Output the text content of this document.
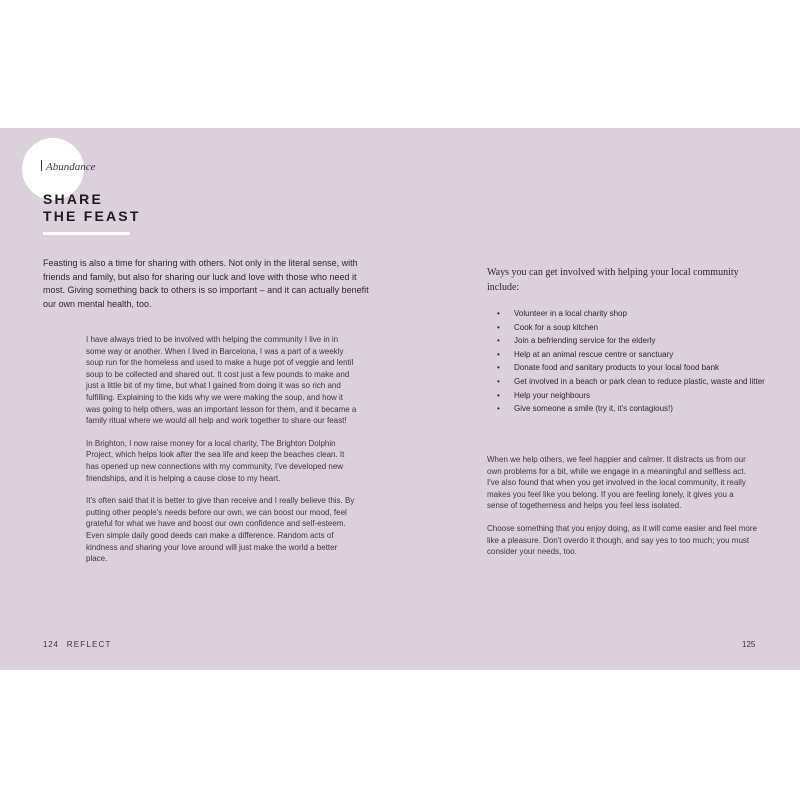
Abundance
SHARE
THE FEAST

Feasting is also a time for sharing with others. Not only in the literal sense, with friends and family, but also for sharing our luck and love with those who need it most. Giving something back to others is so important – and it can actually benefit our own mental health, too.

I have always tried to be involved with helping the community I live in in some way or another. When I lived in Barcelona, I was a part of a weekly soup run for the homeless and used to make a huge pot of veggie and lentil soup to be collected and shared out. It cost just a few pounds to make and just a little bit of my time, but what I gained from doing it was so rich and fulfilling. Explaining to the kids why we were making the soup, and how it was going to help others, was an important lesson for them, and it became a family ritual where we would all help and work together to share our feast!

In Brighton, I now raise money for a local charity, The Brighton Dolphin Project, which helps look after the sea life and keep the beaches clean. It has opened up new connections with my community, I've developed new friendships, and it is helping a cause close to my heart.

It's often said that it is better to give than receive and I really believe this. By putting other people's needs before our own, we can boost our mood, feel grateful for what we have and boost our own confidence and self-esteem. Even simple daily good deeds can make a difference. Random acts of kindness and sharing your love around will just make the world a better place.

Ways you can get involved with helping your local community include:

• Volunteer in a local charity shop
• Cook for a soup kitchen
• Join a befriending service for the elderly
• Help at an animal rescue centre or sanctuary
• Donate food and sanitary products to your local food bank
• Get involved in a beach or park clean to reduce plastic, waste and litter
• Help your neighbours
• Give someone a smile (try it, it's contagious!)

When we help others, we feel happier and calmer. It distracts us from our own problems for a bit, while we engage in a meaningful and selfless act. I've also found that when you get involved in the local community, it really makes you feel like you belong. If you are feeling lonely, it gives you a sense of togetherness and helps you feel less isolated.

Choose something that you enjoy doing, as it will come easier and feel more like a pleasure. Don't overdo it though, and say yes to too much; you must consider your needs, too.

124 REFLECT	125
